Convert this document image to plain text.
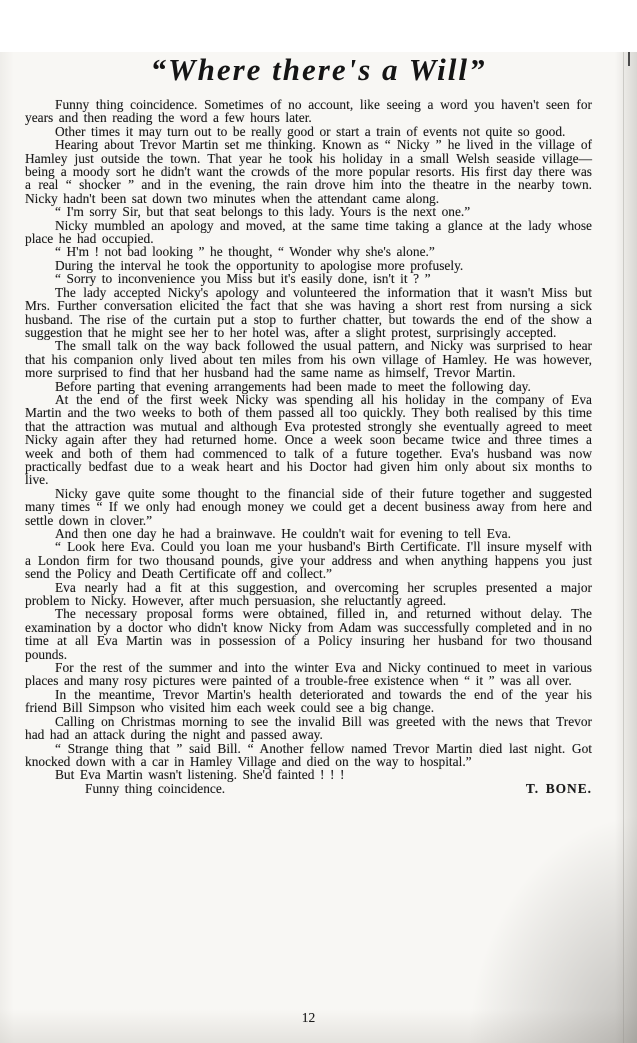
“Where there's a Will”

Funny thing coincidence. Sometimes of no account, like seeing a word you haven't seen for years and then reading the word a few hours later.

Other times it may turn out to be really good or start a train of events not quite so good.

Hearing about Trevor Martin set me thinking. Known as “ Nicky ” he lived in the village of Hamley just outside the town. That year he took his holiday in a small Welsh seaside village—being a moody sort he didn't want the crowds of the more popular resorts. His first day there was a real “ shocker ” and in the evening, the rain drove him into the theatre in the nearby town. Nicky hadn't been sat down two minutes when the attendant came along.

“ I'm sorry Sir, but that seat belongs to this lady. Yours is the next one.”

Nicky mumbled an apology and moved, at the same time taking a glance at the lady whose place he had occupied.

“ H'm ! not bad looking ” he thought, “ Wonder why she's alone.”

During the interval he took the opportunity to apologise more profusely.

“ Sorry to inconvenience you Miss but it's easily done, isn't it ? ”

The lady accepted Nicky's apology and volunteered the information that it wasn't Miss but Mrs. Further conversation elicited the fact that she was having a short rest from nursing a sick husband. The rise of the curtain put a stop to further chatter, but towards the end of the show a suggestion that he might see her to her hotel was, after a slight protest, surprisingly accepted.

The small talk on the way back followed the usual pattern, and Nicky was surprised to hear that his companion only lived about ten miles from his own village of Hamley. He was however, more surprised to find that her husband had the same name as himself, Trevor Martin.

Before parting that evening arrangements had been made to meet the following day.

At the end of the first week Nicky was spending all his holiday in the company of Eva Martin and the two weeks to both of them passed all too quickly. They both realised by this time that the attraction was mutual and although Eva protested strongly she eventually agreed to meet Nicky again after they had returned home. Once a week soon became twice and three times a week and both of them had commenced to talk of a future together. Eva's husband was now practically bedfast due to a weak heart and his Doctor had given him only about six months to live.

Nicky gave quite some thought to the financial side of their future together and suggested many times “ If we only had enough money we could get a decent business away from here and settle down in clover.”

And then one day he had a brainwave. He couldn't wait for evening to tell Eva.

“ Look here Eva. Could you loan me your husband's Birth Certificate. I'll insure myself with a London firm for two thousand pounds, give your address and when anything happens you just send the Policy and Death Certificate off and collect.”

Eva nearly had a fit at this suggestion, and overcoming her scruples presented a major problem to Nicky. However, after much persuasion, she reluctantly agreed.

The necessary proposal forms were obtained, filled in, and returned without delay. The examination by a doctor who didn't know Nicky from Adam was successfully completed and in no time at all Eva Martin was in possession of a Policy insuring her husband for two thousand pounds.

For the rest of the summer and into the winter Eva and Nicky continued to meet in various places and many rosy pictures were painted of a trouble-free existence when “ it ” was all over.

In the meantime, Trevor Martin's health deteriorated and towards the end of the year his friend Bill Simpson who visited him each week could see a big change.

Calling on Christmas morning to see the invalid Bill was greeted with the news that Trevor had had an attack during the night and passed away.

“ Strange thing that ” said Bill. “ Another fellow named Trevor Martin died last night. Got knocked down with a car in Hamley Village and died on the way to hospital.”

But Eva Martin wasn't listening. She'd fainted ! ! !

Funny thing coincidence.	T. BONE.

12
